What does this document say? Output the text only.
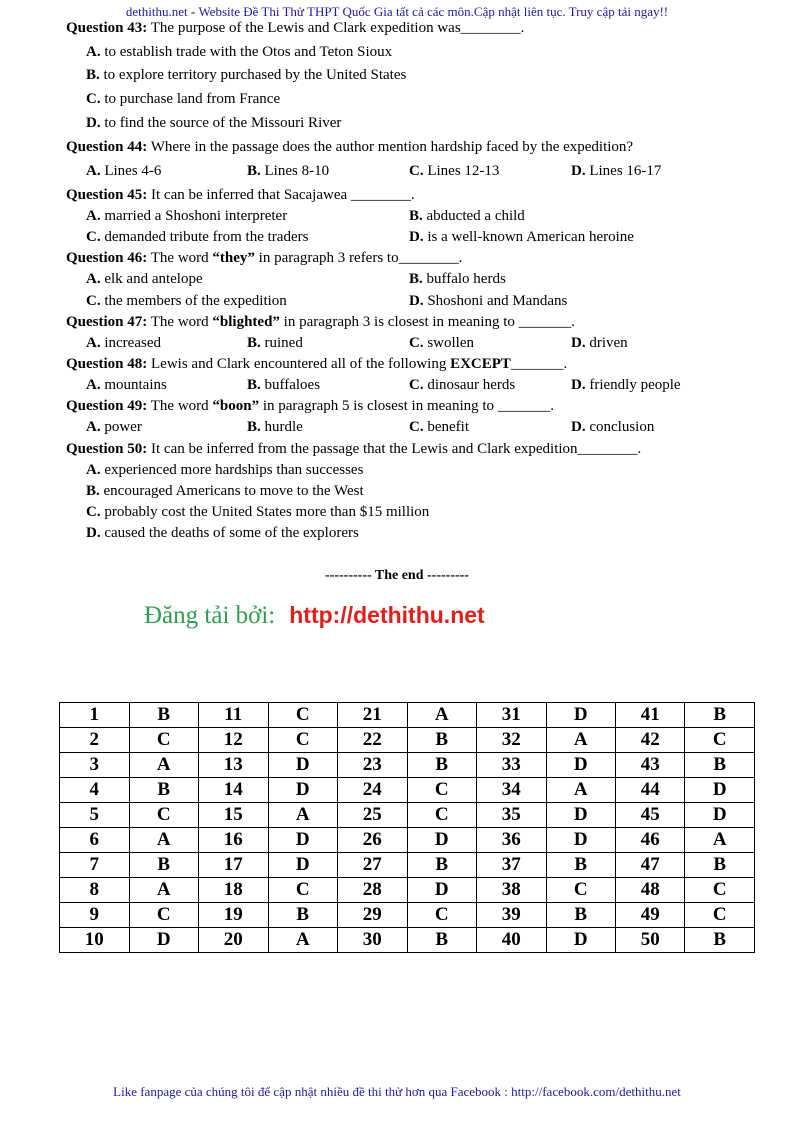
dethithu.net - Website Đề Thi Thử THPT Quốc Gia tất cả các môn.Cập nhật liên tục. Truy cập tải ngay!!
Question 43: The purpose of the Lewis and Clark expedition was________.
A. to establish trade with the Otos and Teton Sioux
B. to explore territory purchased by the United States
C. to purchase land from France
D. to find the source of the Missouri River
Question 44: Where in the passage does the author mention hardship faced by the expedition?
A. Lines 4-6	B. Lines 8-10	C. Lines 12-13	D. Lines 16-17
Question 45: It can be inferred that Sacajawea ________.
A. married a Shoshoni interpreter	B. abducted a child
C. demanded tribute from the traders	D. is a well-known American heroine
Question 46: The word “they” in paragraph 3 refers to________.
A. elk and antelope	B. buffalo herds
C. the members of the expedition	D. Shoshoni and Mandans
Question 47: The word “blighted” in paragraph 3 is closest in meaning to _______.
A. increased	B. ruined	C. swollen	D. driven
Question 48: Lewis and Clark encountered all of the following EXCEPT_______.
A. mountains	B. buffaloes	C. dinosaur herds	D. friendly people
Question 49: The word “boon” in paragraph 5 is closest in meaning to _______.
A. power	B. hurdle	C. benefit	D. conclusion
Question 50: It can be inferred from the passage that the Lewis and Clark expedition________.
A. experienced more hardships than successes
B. encouraged Americans to move to the West
C. probably cost the United States more than $15 million
D. caused the deaths of some of the explorers
---------- The end ---------
Đăng tải bởi: http://dethithu.net
1	B	11	C	21	A	31	D	41	B
2	C	12	C	22	B	32	A	42	C
3	A	13	D	23	B	33	D	43	B
4	B	14	D	24	C	34	A	44	D
5	C	15	A	25	C	35	D	45	D
6	A	16	D	26	D	36	D	46	A
7	B	17	D	27	B	37	B	47	B
8	A	18	C	28	D	38	C	48	C
9	C	19	B	29	C	39	B	49	C
10	D	20	A	30	B	40	D	50	B
Like fanpage của chúng tôi để cập nhật nhiều đề thi thử hơn qua Facebook : http://facebook.com/dethithu.net
